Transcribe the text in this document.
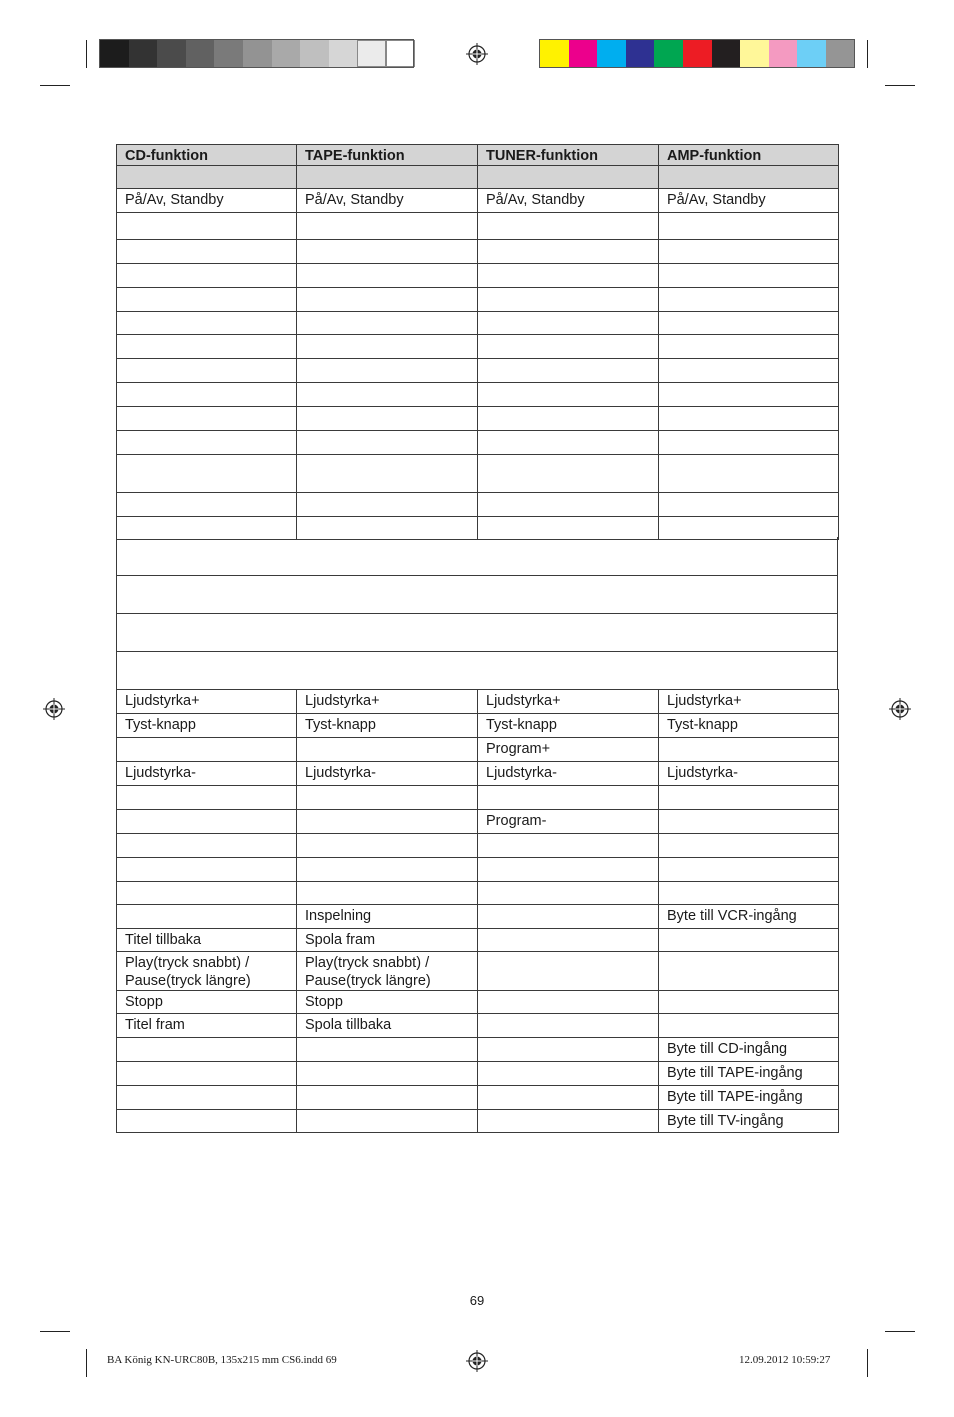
CD-funktion	TAPE-funktion	TUNER-funktion	AMP-funktion

På/Av, Standby	På/Av, Standby	På/Av, Standby	På/Av, Standby

Ljudstyrka+	Ljudstyrka+	Ljudstyrka+	Ljudstyrka+
Tyst-knapp	Tyst-knapp	Tyst-knapp	Tyst-knapp
		Program+	
Ljudstyrka-	Ljudstyrka-	Ljudstyrka-	Ljudstyrka-

		Program-	

	Inspelning		Byte till VCR-ingång
Titel tillbaka	Spola fram		
Play(tryck snabbt) / Pause(tryck längre)	Play(tryck snabbt) / Pause(tryck längre)		
Stopp	Stopp		
Titel fram	Spola tillbaka		
			Byte till CD-ingång
			Byte till TAPE-ingång
			Byte till TAPE-ingång
			Byte till TV-ingång
69
BA König KN-URC80B, 135x215 mm CS6.indd 69	12.09.2012 10:59:27
